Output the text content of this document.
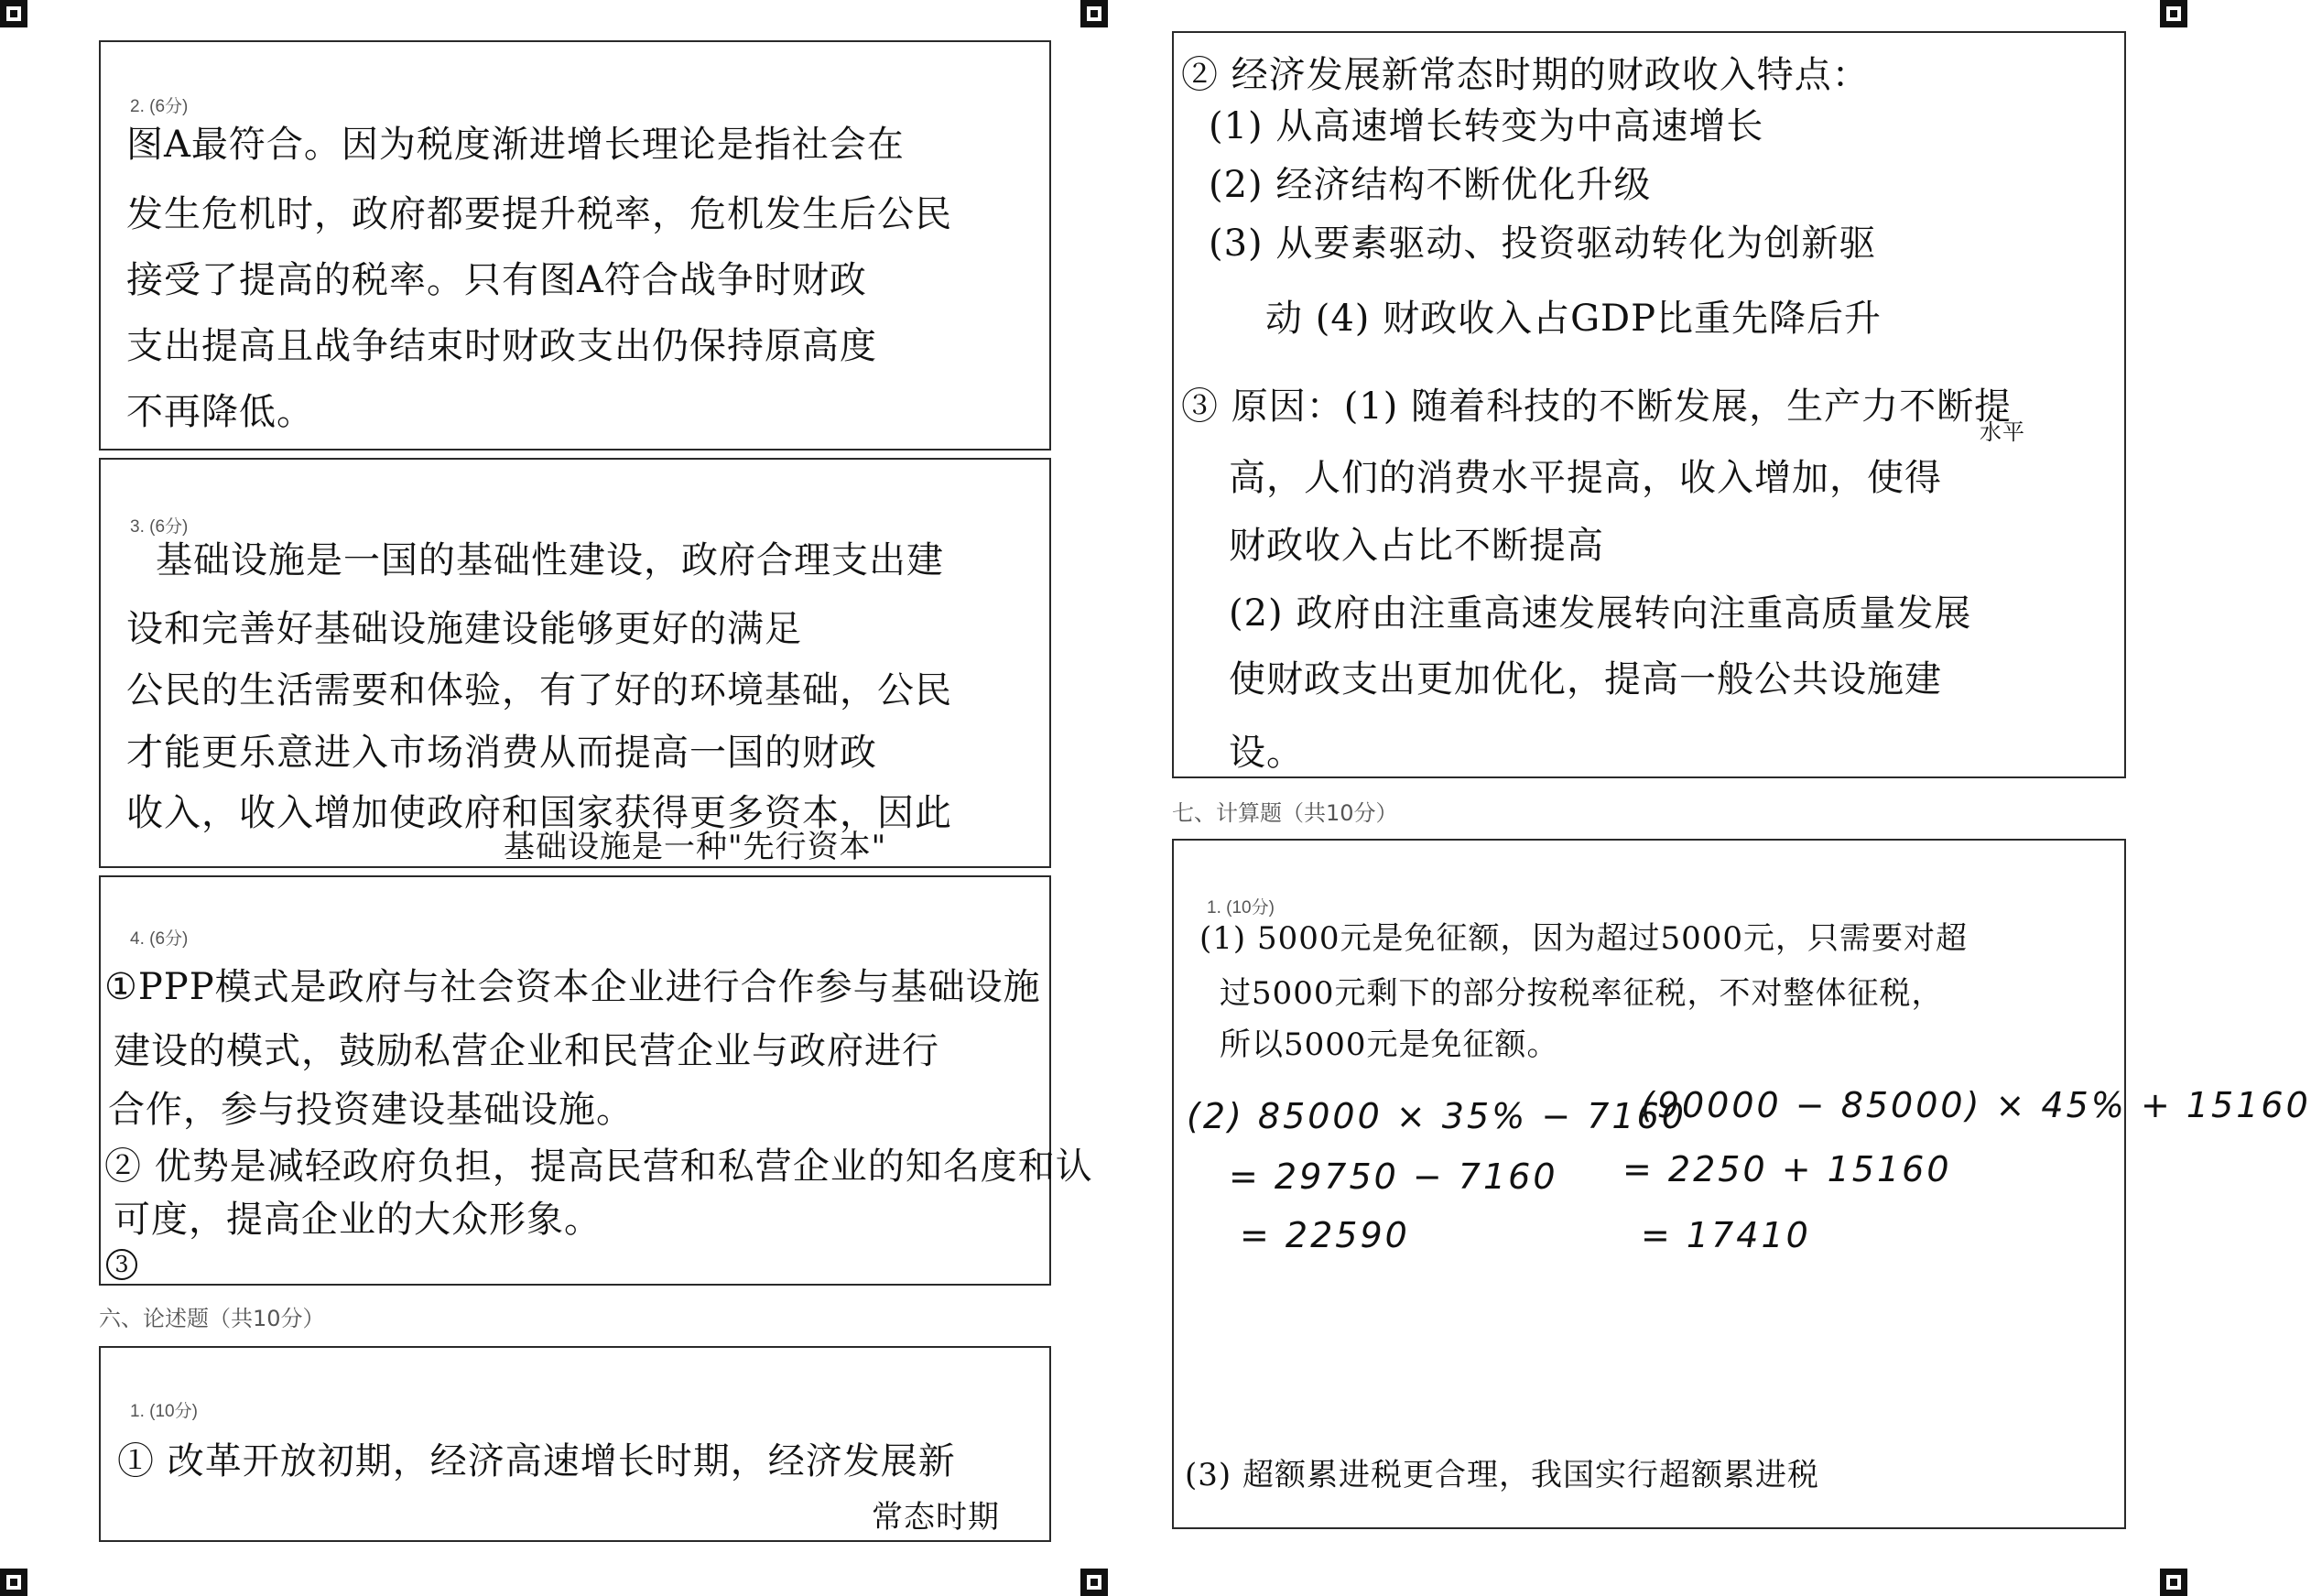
2. (6分)
图A最符合。因为税度渐进增长理论是指社会在
发生危机时，政府都要提升税率，危机发生后公民
接受了提高的税率。只有图A符合战争时财政
支出提高且战争结束时财政支出仍保持原高度
不再降低。
3. (6分)
基础设施是一国的基础性建设，政府合理支出建
设和完善好基础设施建设能够更好的满足
公民的生活需要和体验，有了好的环境基础，公民
才能更乐意进入市场消费从而提高一国的财政
收入，收入增加使政府和国家获得更多资本，因此
基础设施是一种"先行资本"
4. (6分)
①PPP模式是政府与社会资本企业进行合作参与基础设施
建设的模式，鼓励私营企业和民营企业与政府进行
合作，参与投资建设基础设施。
② 优势是减轻政府负担，提高民营和私营企业的知名度和认
可度，提高企业的大众形象。
3
六、论述题（共10分）
1. (10分)
① 改革开放初期，经济高速增长时期，经济发展新
常态时期
② 经济发展新常态时期的财政收入特点：
(1) 从高速增长转变为中高速增长
(2) 经济结构不断优化升级
(3) 从要素驱动、投资驱动转化为创新驱
动 (4) 财政收入占GDP比重先降后升
③ 原因：(1) 随着科技的不断发展，生产力不断提
水平
高，人们的消费水平提高，收入增加，使得
财政收入占比不断提高
(2) 政府由注重高速发展转向注重高质量发展
使财政支出更加优化，提高一般公共设施建
设。
七、计算题（共10分）
1. (10分)
(1) 5000元是免征额，因为超过5000元，只需要对超
过5000元剩下的部分按税率征税，不对整体征税，
所以5000元是免征额。
(2) 85000 × 35% − 7160
= 29750 − 7160
= 22590
(90000 − 85000) × 45% + 15160
= 2250 + 15160
= 17410
(3) 超额累进税更合理，我国实行超额累进税
